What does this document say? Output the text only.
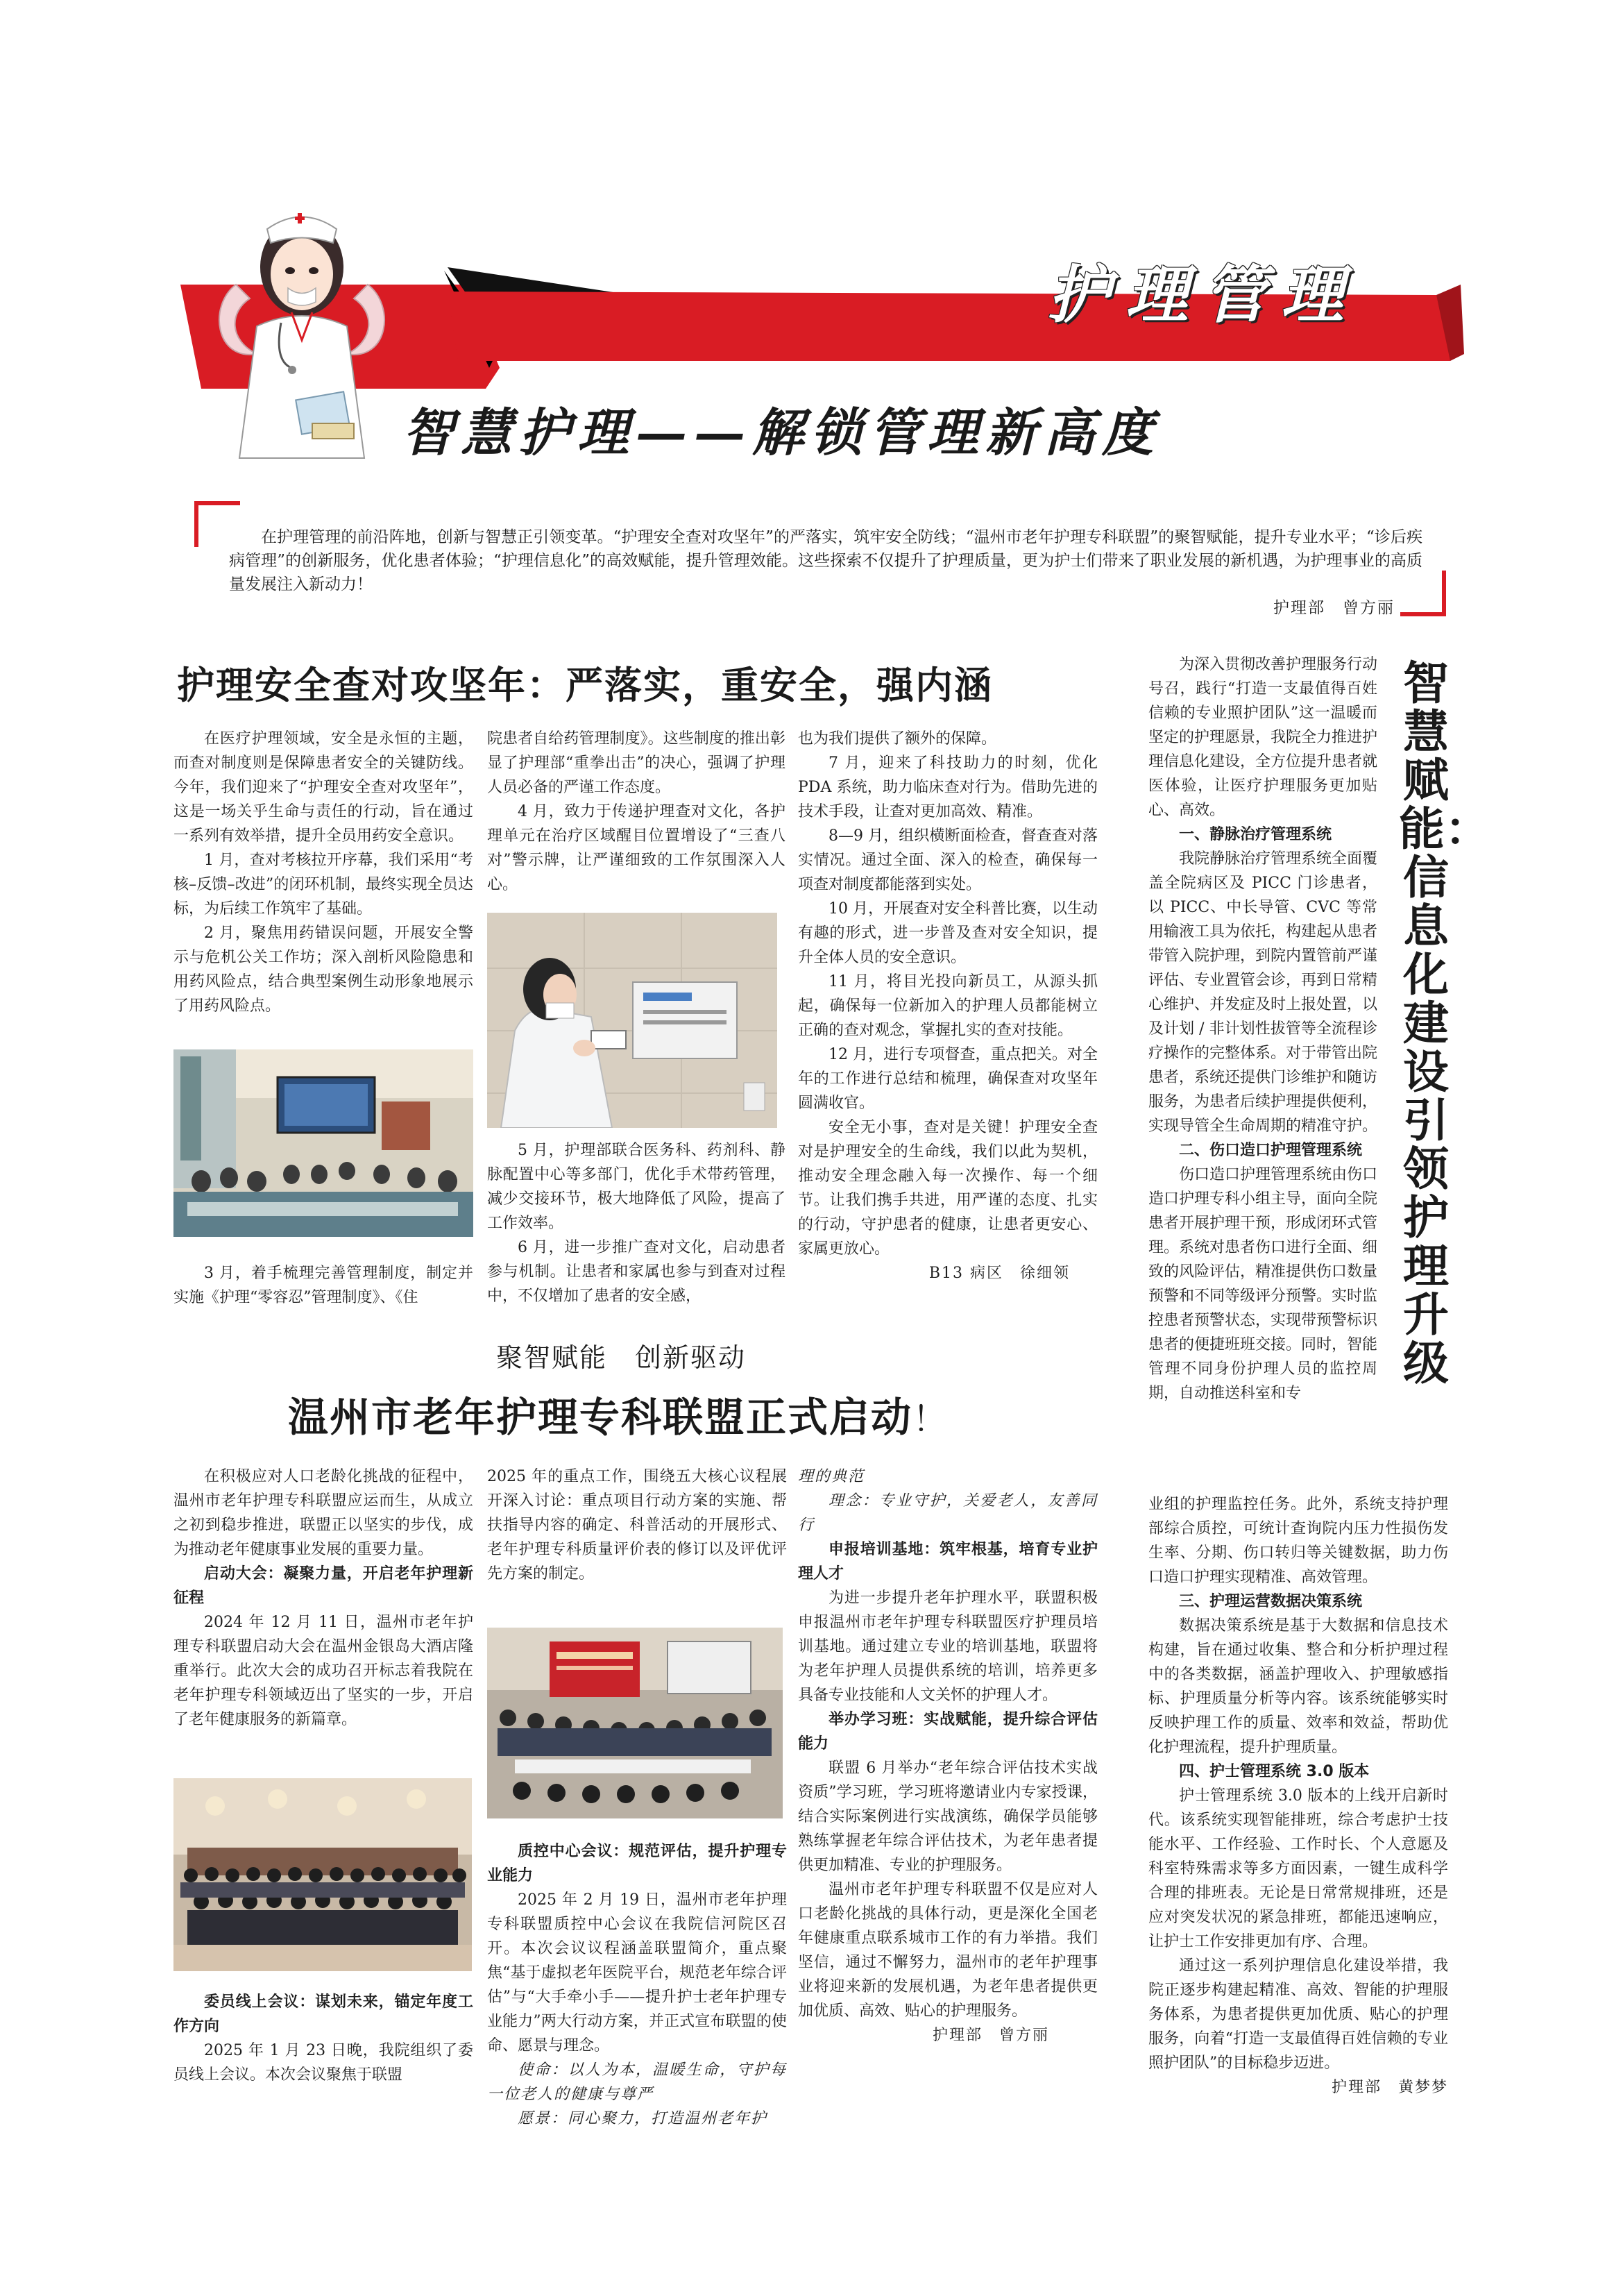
护理管理
智慧护理——解锁管理新高度

在护理管理的前沿阵地，创新与智慧正引领变革。“护理安全查对攻坚年”的严落实，筑牢安全防线；“温州市老年护理专科联盟”的聚智赋能，提升专业水平；“诊后疾病管理”的创新服务，优化患者体验；“护理信息化”的高效赋能，提升管理效能。这些探索不仅提升了护理质量，更为护士们带来了职业发展的新机遇，为护理事业的高质量发展注入新动力！

护理部　曾方丽

护理安全查对攻坚年：严落实，重安全，强内涵

在医疗护理领域，安全是永恒的主题，而查对制度则是保障患者安全的关键防线。今年，我们迎来了“护理安全查对攻坚年”，这是一场关乎生命与责任的行动，旨在通过一系列有效举措，提升全员用药安全意识。

1 月，查对考核拉开序幕，我们采用“考核–反馈–改进”的闭环机制，最终实现全员达标，为后续工作筑牢了基础。

2 月，聚焦用药错误问题，开展安全警示与危机公关工作坊；深入剖析风险隐患和用药风险点，结合典型案例生动形象地展示了用药风险点。

3 月，着手梳理完善管理制度，制定并实施《护理“零容忍”管理制度》、《住

院患者自给药管理制度》。这些制度的推出彰显了护理部“重拳出击”的决心，强调了护理人员必备的严谨工作态度。

4 月，致力于传递护理查对文化，各护理单元在治疗区域醒目位置增设了“三查八对”警示牌，让严谨细致的工作氛围深入人心。

5 月，护理部联合医务科、药剂科、静脉配置中心等多部门，优化手术带药管理，减少交接环节，极大地降低了风险，提高了工作效率。

6 月，进一步推广查对文化，启动患者参与机制。让患者和家属也参与到查对过程中，不仅增加了患者的安全感，

也为我们提供了额外的保障。

7 月，迎来了科技助力的时刻，优化 PDA 系统，助力临床查对行为。借助先进的技术手段，让查对更加高效、精准。

8—9 月，组织横断面检查，督查查对落实情况。通过全面、深入的检查，确保每一项查对制度都能落到实处。

10 月，开展查对安全科普比赛，以生动有趣的形式，进一步普及查对安全知识，提升全体人员的安全意识。

11 月，将目光投向新员工，从源头抓起，确保每一位新加入的护理人员都能树立正确的查对观念，掌握扎实的查对技能。

12 月，进行专项督查，重点把关。对全年的工作进行总结和梳理，确保查对攻坚年圆满收官。

安全无小事，查对是关键！护理安全查对是护理安全的生命线，我们以此为契机，推动安全理念融入每一次操作、每一个细节。让我们携手共进，用严谨的态度、扎实的行动，守护患者的健康，让患者更安心、家属更放心。

B13 病区　徐细领

聚智赋能　创新驱动
温州市老年护理专科联盟正式启动！

在积极应对人口老龄化挑战的征程中，温州市老年护理专科联盟应运而生，从成立之初到稳步推进，联盟正以坚实的步伐，成为推动老年健康事业发展的重要力量。

启动大会：凝聚力量，开启老年护理新征程

2024 年 12 月 11 日，温州市老年护理专科联盟启动大会在温州金银岛大酒店隆重举行。此次大会的成功召开标志着我院在老年护理专科领域迈出了坚实的一步，开启了老年健康服务的新篇章。

委员线上会议：谋划未来，锚定年度工作方向

2025 年 1 月 23 日晚，我院组织了委员线上会议。本次会议聚焦于联盟

2025 年的重点工作，围绕五大核心议程展开深入讨论：重点项目行动方案的实施、帮扶指导内容的确定、科普活动的开展形式、老年护理专科质量评价表的修订以及评优评先方案的制定。

质控中心会议：规范评估，提升护理专业能力

2025 年 2 月 19 日，温州市老年护理专科联盟质控中心会议在我院信河院区召开。本次会议议程涵盖联盟简介，重点聚焦“基于虚拟老年医院平台，规范老年综合评估”与“大手牵小手——提升护士老年护理专业能力”两大行动方案，并正式宣布联盟的使命、愿景与理念。

使命：以人为本，温暖生命，守护每一位老人的健康与尊严

愿景：同心聚力，打造温州老年护

理的典范

理念：专业守护，关爱老人，友善同行

申报培训基地：筑牢根基，培育专业护理人才

为进一步提升老年护理水平，联盟积极申报温州市老年护理专科联盟医疗护理员培训基地。通过建立专业的培训基地，联盟将为老年护理人员提供系统的培训，培养更多具备专业技能和人文关怀的护理人才。

举办学习班：实战赋能，提升综合评估能力

联盟 6 月举办“老年综合评估技术实战资质”学习班，学习班将邀请业内专家授课，结合实际案例进行实战演练，确保学员能够熟练掌握老年综合评估技术，为老年患者提供更加精准、专业的护理服务。

温州市老年护理专科联盟不仅是应对人口老龄化挑战的具体行动，更是深化全国老年健康重点联系城市工作的有力举措。我们坚信，通过不懈努力，温州市的老年护理事业将迎来新的发展机遇，为老年患者提供更加优质、高效、贴心的护理服务。

护理部　曾方丽

智慧赋能：信息化建设引领护理升级

为深入贯彻改善护理服务行动号召，践行“打造一支最值得百姓信赖的专业照护团队”这一温暖而坚定的护理愿景，我院全力推进护理信息化建设，全方位提升患者就医体验，让医疗护理服务更加贴心、高效。

一、静脉治疗管理系统

我院静脉治疗管理系统全面覆盖全院病区及 PICC 门诊患者，以 PICC、中长导管、CVC 等常用输液工具为依托，构建起从患者带管入院护理，到院内置管前严谨评估、专业置管会诊，再到日常精心维护、并发症及时上报处置，以及计划 / 非计划性拔管等全流程诊疗操作的完整体系。对于带管出院患者，系统还提供门诊维护和随访服务，为患者后续护理提供便利，实现导管全生命周期的精准守护。

二、伤口造口护理管理系统

伤口造口护理管理系统由伤口造口护理专科小组主导，面向全院患者开展护理干预，形成闭环式管理。系统对患者伤口进行全面、细致的风险评估，精准提供伤口数量预警和不同等级评分预警。实时监控患者预警状态，实现带预警标识患者的便捷班班交接。同时，智能管理不同身份护理人员的监控周期，自动推送科室和专

业组的护理监控任务。此外，系统支持护理部综合质控，可统计查询院内压力性损伤发生率、分期、伤口转归等关键数据，助力伤口造口护理实现精准、高效管理。

三、护理运营数据决策系统

数据决策系统是基于大数据和信息技术构建，旨在通过收集、整合和分析护理过程中的各类数据，涵盖护理收入、护理敏感指标、护理质量分析等内容。该系统能够实时反映护理工作的质量、效率和效益，帮助优化护理流程，提升护理质量。

四、护士管理系统 3.0 版本

护士管理系统 3.0 版本的上线开启新时代。该系统实现智能排班，综合考虑护士技能水平、工作经验、工作时长、个人意愿及科室特殊需求等多方面因素，一键生成科学合理的排班表。无论是日常常规排班，还是应对突发状况的紧急排班，都能迅速响应，让护士工作安排更加有序、合理。

通过这一系列护理信息化建设举措，我院正逐步构建起精准、高效、智能的护理服务体系，为患者提供更加优质、贴心的护理服务，向着“打造一支最值得百姓信赖的专业照护团队”的目标稳步迈进。

护理部　黄梦梦
